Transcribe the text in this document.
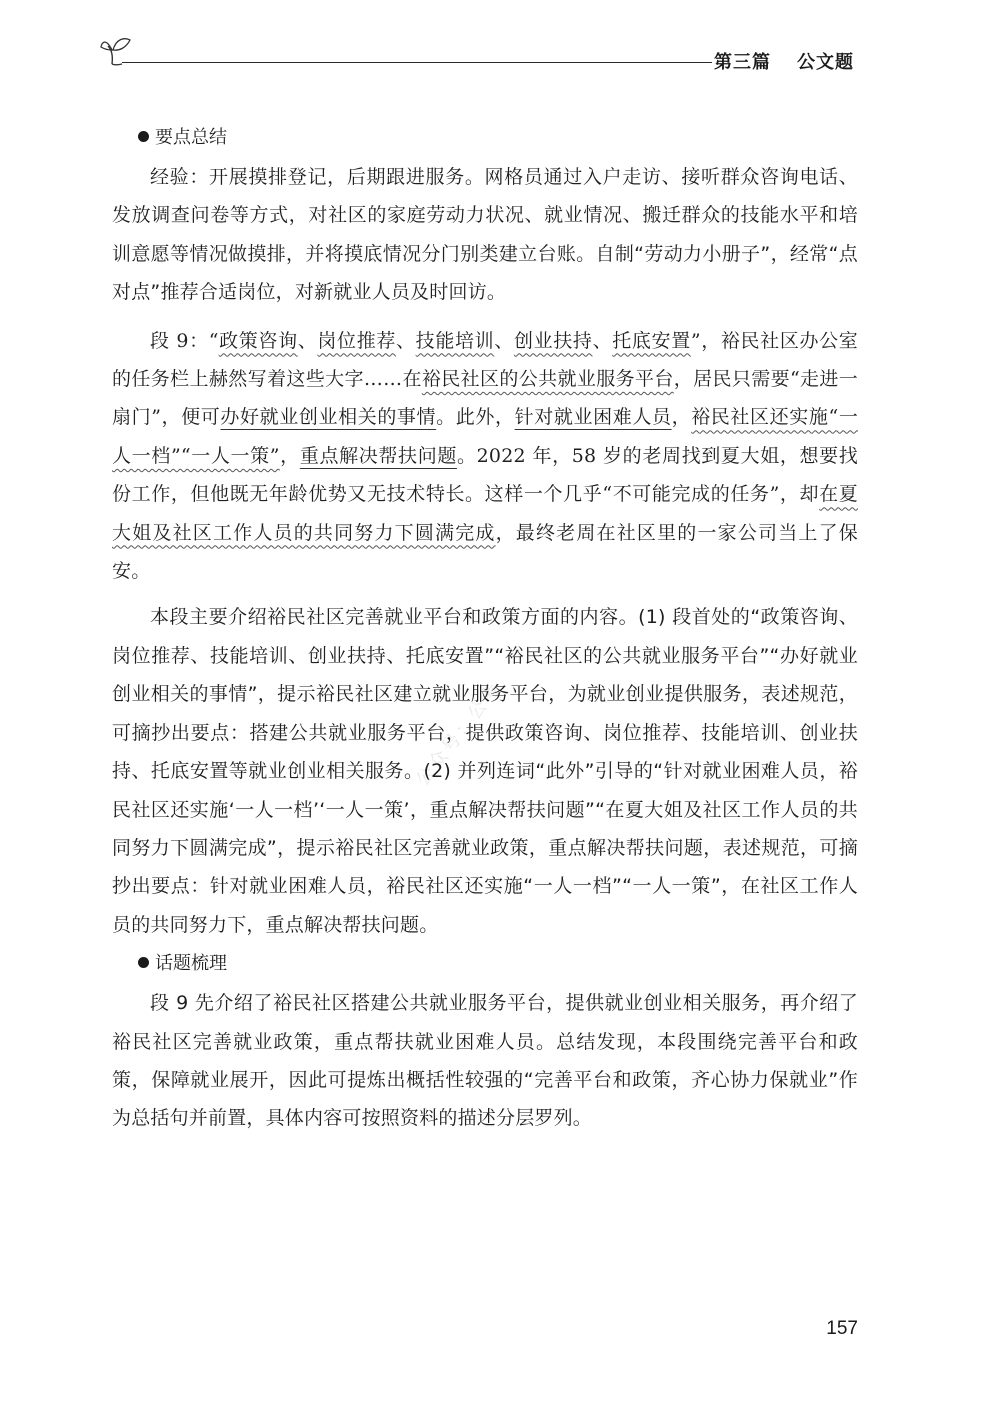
第三篇 公文题
公众号：公考
要点总结

经验：开展摸排登记，后期跟进服务。网格员通过入户走访、接听群众咨询电话、发放调查问卷等方式，对社区的家庭劳动力状况、就业情况、搬迁群众的技能水平和培训意愿等情况做摸排，并将摸底情况分门别类建立台账。自制“劳动力小册子”，经常“点对点”推荐合适岗位，对新就业人员及时回访。

段 9：“政策咨询、岗位推荐、技能培训、创业扶持、托底安置”，裕民社区办公室的任务栏上赫然写着这些大字……在裕民社区的公共就业服务平台，居民只需要“走进一扇门”，便可办好就业创业相关的事情。此外，针对就业困难人员，裕民社区还实施“一人一档”“一人一策”，重点解决帮扶问题。2022 年，58 岁的老周找到夏大姐，想要找份工作，但他既无年龄优势又无技术特长。这样一个几乎“不可能完成的任务”，却在夏大姐及社区工作人员的共同努力下圆满完成，最终老周在社区里的一家公司当上了保安。

本段主要介绍裕民社区完善就业平台和政策方面的内容。(1) 段首处的“政策咨询、岗位推荐、技能培训、创业扶持、托底安置”“裕民社区的公共就业服务平台”“办好就业创业相关的事情”，提示裕民社区建立就业服务平台，为就业创业提供服务，表述规范，可摘抄出要点：搭建公共就业服务平台，提供政策咨询、岗位推荐、技能培训、创业扶持、托底安置等就业创业相关服务。(2) 并列连词“此外”引导的“针对就业困难人员，裕民社区还实施‘一人一档’‘一人一策’，重点解决帮扶问题”“在夏大姐及社区工作人员的共同努力下圆满完成”，提示裕民社区完善就业政策，重点解决帮扶问题，表述规范，可摘抄出要点：针对就业困难人员，裕民社区还实施“一人一档”“一人一策”，在社区工作人员的共同努力下，重点解决帮扶问题。

话题梳理

段 9 先介绍了裕民社区搭建公共就业服务平台，提供就业创业相关服务，再介绍了裕民社区完善就业政策，重点帮扶就业困难人员。总结发现，本段围绕完善平台和政策，保障就业展开，因此可提炼出概括性较强的“完善平台和政策，齐心协力保就业”作为总括句并前置，具体内容可按照资料的描述分层罗列。

157
